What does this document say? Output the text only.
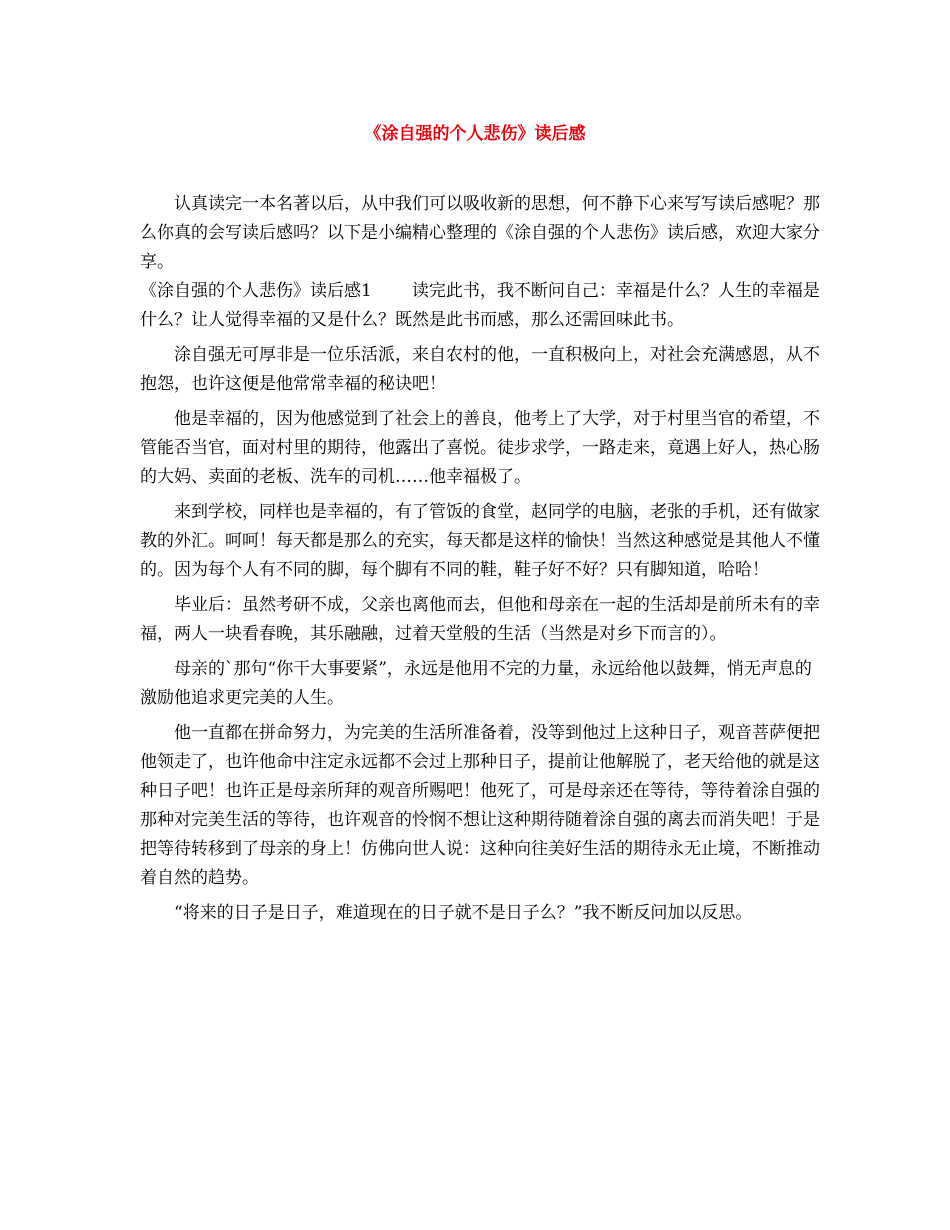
《涂自强的个人悲伤》读后感

认真读完一本名著以后，从中我们可以吸收新的思想，何不静下心来写写读后感呢？那么你真的会写读后感吗？以下是小编精心整理的《涂自强的个人悲伤》读后感，欢迎大家分享。

《涂自强的个人悲伤》读后感1 读完此书，我不断问自己：幸福是什么？人生的幸福是什么？让人觉得幸福的又是什么？既然是此书而感，那么还需回味此书。

涂自强无可厚非是一位乐活派，来自农村的他，一直积极向上，对社会充满感恩，从不抱怨，也许这便是他常常幸福的秘诀吧！

他是幸福的，因为他感觉到了社会上的善良，他考上了大学，对于村里当官的希望，不管能否当官，面对村里的期待，他露出了喜悦。徒步求学，一路走来，竟遇上好人，热心肠的大妈、卖面的老板、洗车的司机……他幸福极了。

来到学校，同样也是幸福的，有了管饭的食堂，赵同学的电脑，老张的手机，还有做家教的外汇。呵呵！每天都是那么的充实，每天都是这样的愉快！当然这种感觉是其他人不懂的。因为每个人有不同的脚，每个脚有不同的鞋，鞋子好不好？只有脚知道，哈哈！

毕业后：虽然考研不成，父亲也离他而去，但他和母亲在一起的生活却是前所未有的幸福，两人一块看春晚，其乐融融，过着天堂般的生活（当然是对乡下而言的）。

母亲的`那句“你干大事要紧”，永远是他用不完的力量，永远给他以鼓舞，悄无声息的激励他追求更完美的人生。

他一直都在拼命努力，为完美的生活所准备着，没等到他过上这种日子，观音菩萨便把他领走了，也许他命中注定永远都不会过上那种日子，提前让他解脱了，老天给他的就是这种日子吧！也许正是母亲所拜的观音所赐吧！他死了，可是母亲还在等待，等待着涂自强的那种对完美生活的等待，也许观音的怜悯不想让这种期待随着涂自强的离去而消失吧！于是把等待转移到了母亲的身上！仿佛向世人说：这种向往美好生活的期待永无止境，不断推动着自然的趋势。

“将来的日子是日子，难道现在的日子就不是日子么？”我不断反问加以反思。
